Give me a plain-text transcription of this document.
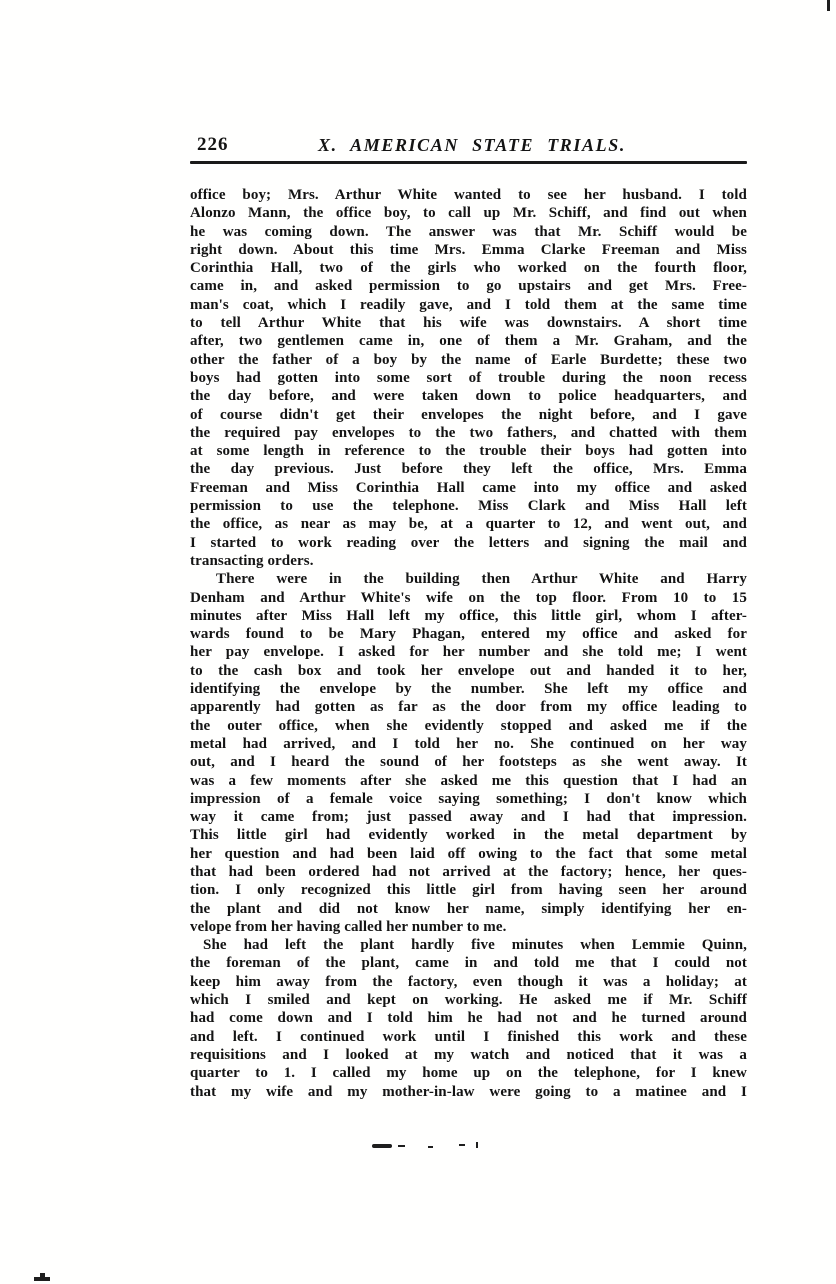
226	X. AMERICAN STATE TRIALS.
office boy; Mrs. Arthur White wanted to see her husband. I told
Alonzo Mann, the office boy, to call up Mr. Schiff, and find out when
he was coming down. The answer was that Mr. Schiff would be
right down. About this time Mrs. Emma Clarke Freeman and Miss
Corinthia Hall, two of the girls who worked on the fourth floor,
came in, and asked permission to go upstairs and get Mrs. Free-
man's coat, which I readily gave, and I told them at the same time
to tell Arthur White that his wife was downstairs. A short time
after, two gentlemen came in, one of them a Mr. Graham, and the
other the father of a boy by the name of Earle Burdette; these two
boys had gotten into some sort of trouble during the noon recess
the day before, and were taken down to police headquarters, and
of course didn't get their envelopes the night before, and I gave
the required pay envelopes to the two fathers, and chatted with them
at some length in reference to the trouble their boys had gotten into
the day previous. Just before they left the office, Mrs. Emma
Freeman and Miss Corinthia Hall came into my office and asked
permission to use the telephone. Miss Clark and Miss Hall left
the office, as near as may be, at a quarter to 12, and went out, and
I started to work reading over the letters and signing the mail and
transacting orders.
There were in the building then Arthur White and Harry
Denham and Arthur White's wife on the top floor. From 10 to 15
minutes after Miss Hall left my office, this little girl, whom I after-
wards found to be Mary Phagan, entered my office and asked for
her pay envelope. I asked for her number and she told me; I went
to the cash box and took her envelope out and handed it to her,
identifying the envelope by the number. She left my office and
apparently had gotten as far as the door from my office leading to
the outer office, when she evidently stopped and asked me if the
metal had arrived, and I told her no. She continued on her way
out, and I heard the sound of her footsteps as she went away. It
was a few moments after she asked me this question that I had an
impression of a female voice saying something; I don't know which
way it came from; just passed away and I had that impression.
This little girl had evidently worked in the metal department by
her question and had been laid off owing to the fact that some metal
that had been ordered had not arrived at the factory; hence, her ques-
tion. I only recognized this little girl from having seen her around
the plant and did not know her name, simply identifying her en-
velope from her having called her number to me.
She had left the plant hardly five minutes when Lemmie Quinn,
the foreman of the plant, came in and told me that I could not
keep him away from the factory, even though it was a holiday; at
which I smiled and kept on working. He asked me if Mr. Schiff
had come down and I told him he had not and he turned around
and left. I continued work until I finished this work and these
requisitions and I looked at my watch and noticed that it was a
quarter to 1. I called my home up on the telephone, for I knew
that my wife and my mother-in-law were going to a matinee and I
